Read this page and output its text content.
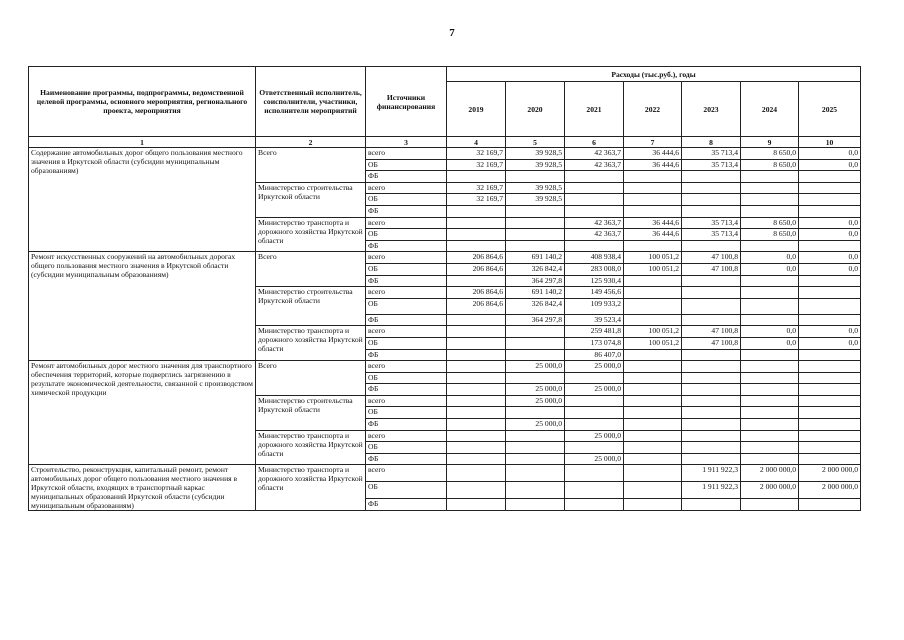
7
Наименование программы, подпрограммы, ведомственной целевой программы, основного мероприятия, регионального проекта, мероприятия	Ответственный исполнитель, соисполнители, участники, исполнители мероприятий	Источники финансирования	Расходы (тыс.руб.), годы						
			2019	2020	2021	2022	2023	2024	2025
1	2	3	4	5	6	7	8	9	10
Содержание автомобильных дорог общего пользования местного значения в Иркутской области (субсидии муниципальным образованиям)	Всего	всего	32 169,7	39 928,5	42 363,7	36 444,6	35 713,4	8 650,0	0,0
		ОБ	32 169,7	39 928,5	42 363,7	36 444,6	35 713,4	8 650,0	0,0
		ФБ							
	Министерство строительства Иркутской области	всего	32 169,7	39 928,5					
		ОБ	32 169,7	39 928,5					
		ФБ							
	Министерство транспорта и дорожного хозяйства Иркутской области	всего			42 363,7	36 444,6	35 713,4	8 650,0	0,0
		ОБ			42 363,7	36 444,6	35 713,4	8 650,0	0,0
		ФБ							
Ремонт искусственных сооружений на автомобильных дорогах общего пользования местного значения в Иркутской области (субсидии муниципальным образованиям)	Всего	всего	206 864,6	691 140,2	408 938,4	100 051,2	47 100,8	0,0	0,0
		ОБ	206 864,6	326 842,4	283 008,0	100 051,2	47 100,8	0,0	0,0
		ФБ		364 297,8	125 930,4				
	Министерство строительства Иркутской области	всего	206 864,6	691 140,2	149 456,6				
		ОБ	206 864,6	326 842,4	109 933,2				
		ФБ		364 297,8	39 523,4				
	Министерство транспорта и дорожного хозяйства Иркутской области	всего			259 481,8	100 051,2	47 100,8	0,0	0,0
		ОБ			173 074,8	100 051,2	47 100,8	0,0	0,0
		ФБ			86 407,0				
Ремонт автомобильных дорог местного значения для транспортного обеспечения территорий, которые подверглись загрязнению в результате экономической деятельности, связанной с производством химической продукции	Всего	всего		25 000,0	25 000,0				
		ОБ							
		ФБ		25 000,0	25 000,0				
	Министерство строительства Иркутской области	всего		25 000,0					
		ОБ							
		ФБ		25 000,0					
	Министерство транспорта и дорожного хозяйства Иркутской области	всего			25 000,0				
		ОБ							
		ФБ			25 000,0				
Строительство, реконструкция, капитальный ремонт, ремонт автомобильных дорог общего пользования местного значения в Иркутской области, входящих в транспортный каркас муниципальных образований Иркутской области (субсидии муниципальным образованиям)	Министерство транспорта и дорожного хозяйства Иркутской области	всего					1 911 922,3	2 000 000,0	2 000 000,0
		ОБ					1 911 922,3	2 000 000,0	2 000 000,0
		ФБ							
